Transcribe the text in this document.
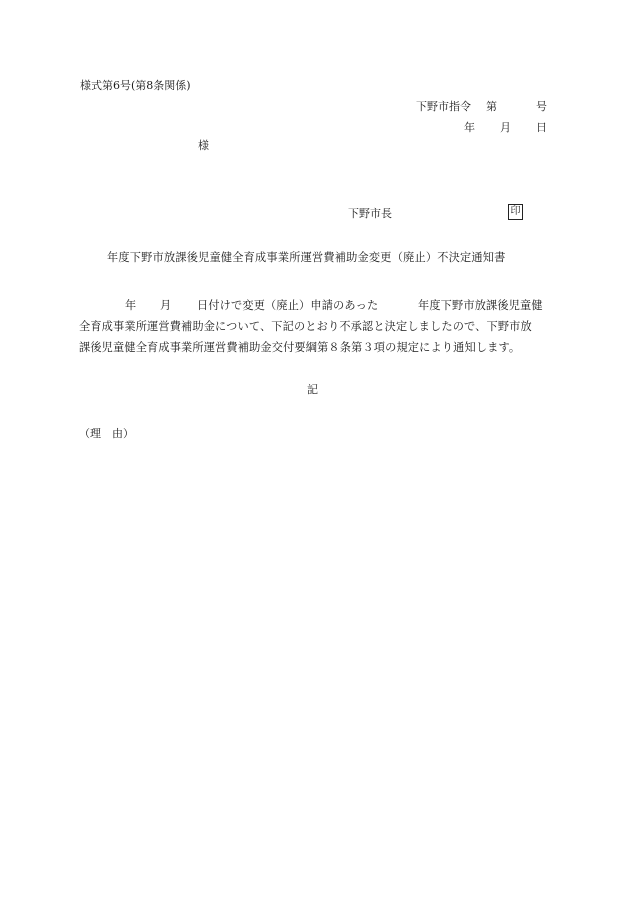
様式第6号(第8条関係)
下野市指令 第	号
年 月 日
様
下野市長	印
年度下野市放課後児童健全育成事業所運営費補助金変更（廃止）不決定通知書
年 月 日付けで変更（廃止）申請のあった	年度下野市放課後児童健
全育成事業所運営費補助金について、下記のとおり不承認と決定しましたので、下野市放
課後児童健全育成事業所運営費補助金交付要綱第８条第３項の規定により通知します。
記
（理　由）
